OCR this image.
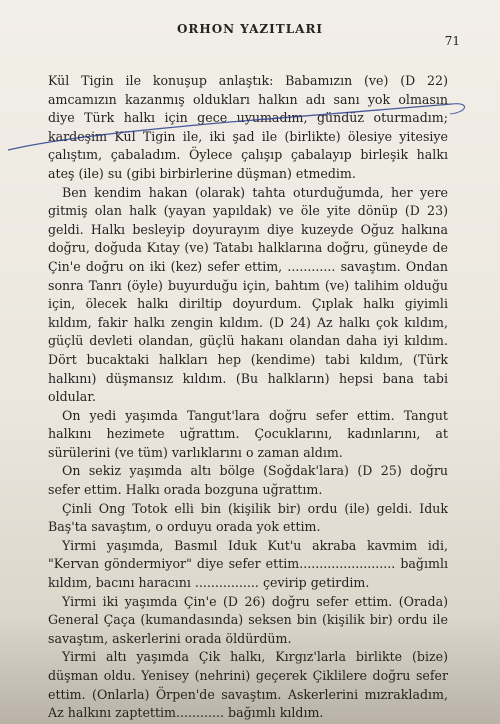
ORHON YAZITLARI
71

Kül Tigin ile konuşup anlaştık: Babamızın (ve) (D 22) amcamızın kazanmış oldukları halkın adı sanı yok olmasın diye Türk halkı için gece uyumadım, gündüz oturmadım; kardeşim Kül Tigin ile, iki şad ile (birlikte) ölesiye yitesiye çalıştım, çabaladım. Öylece çalışıp çabalayıp birleşik halkı ateş (ile) su (gibi birbirlerine düşman) etmedim.

Ben kendim hakan (olarak) tahta oturduğumda, her yere gitmiş olan halk (yayan yapıldak) ve öle yite dönüp (D 23) geldi. Halkı besleyip doyurayım diye kuzeyde Oğuz halkına doğru, doğuda Kıtay (ve) Tatabı halklarına doğru, güneyde de Çin'e doğru on iki (kez) sefer ettim, ............ savaştım. Ondan sonra Tanrı (öyle) buyurduğu için, bahtım (ve) talihim olduğu için, ölecek halkı diriltip doyurdum. Çıplak halkı giyimli kıldım, fakir halkı zengin kıldım. (D 24) Az halkı çok kıldım, güçlü devleti olandan, güçlü hakanı olandan daha iyi kıldım. Dört bucaktaki halkları hep (kendime) tabi kıldım, (Türk halkını) düşmansız kıldım. (Bu halkların) hepsi bana tabi oldular.

On yedi yaşımda Tangut'lara doğru sefer ettim. Tangut halkını hezimete uğrattım. Çocuklarını, kadınlarını, at sürülerini (ve tüm) varlıklarını o zaman aldım.

On sekiz yaşımda altı bölge (Soğdak'lara) (D 25) doğru sefer ettim. Halkı orada bozguna uğrattım.

Çinli Ong Totok elli bin (kişilik bir) ordu (ile) geldi. Iduk Baş'ta savaştım, o orduyu orada yok ettim.

Yirmi yaşımda, Basmıl Iduk Kut'u akraba kavmim idi, "Kervan göndermiyor" diye sefer ettim........................ bağımlı kıldım, bacını haracını ................ çevirip getirdim.

Yirmi iki yaşımda Çin'e (D 26) doğru sefer ettim. (Orada) General Çaça (kumandasında) seksen bin (kişilik bir) ordu ile savaştım, askerlerini orada öldürdüm.

Yirmi altı yaşımda Çik halkı, Kırgız'larla birlikte (bize) düşman oldu. Yenisey (nehrini) geçerek Çiklilere doğru sefer ettim. (Onlarla) Örpen'de savaştım. Askerlerini mızrakladım, Az halkını zaptettim............ bağımlı kıldım.
